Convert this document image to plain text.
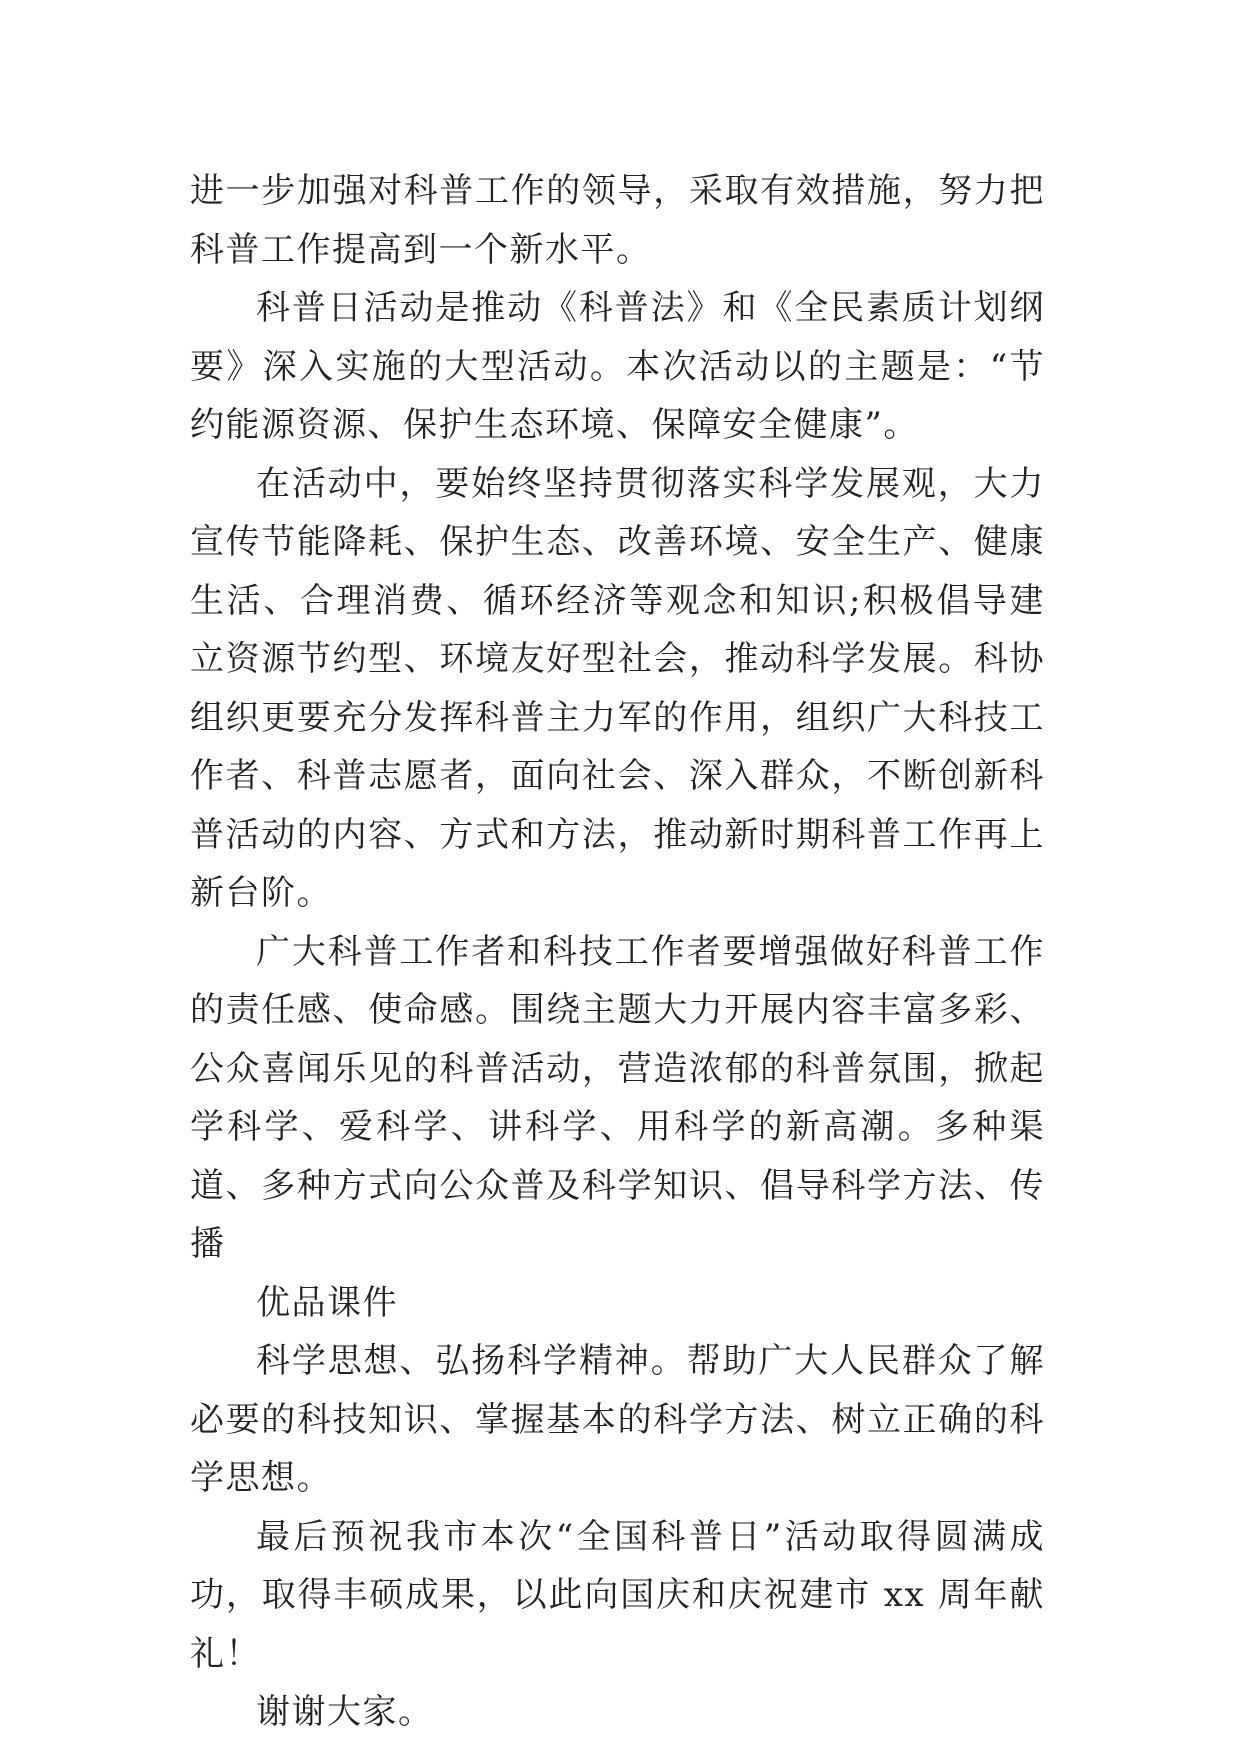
进一步加强对科普工作的领导，采取有效措施，努力把科普工作提高到一个新水平。

科普日活动是推动《科普法》和《全民素质计划纲要》深入实施的大型活动。本次活动以的主题是：“节约能源资源、保护生态环境、保障安全健康”。

在活动中，要始终坚持贯彻落实科学发展观，大力宣传节能降耗、保护生态、改善环境、安全生产、健康生活、合理消费、循环经济等观念和知识;积极倡导建立资源节约型、环境友好型社会，推动科学发展。科协组织更要充分发挥科普主力军的作用，组织广大科技工作者、科普志愿者，面向社会、深入群众，不断创新科普活动的内容、方式和方法，推动新时期科普工作再上新台阶。

广大科普工作者和科技工作者要增强做好科普工作的责任感、使命感。围绕主题大力开展内容丰富多彩、公众喜闻乐见的科普活动，营造浓郁的科普氛围，掀起学科学、爱科学、讲科学、用科学的新高潮。多种渠道、多种方式向公众普及科学知识、倡导科学方法、传播

优品课件

科学思想、弘扬科学精神。帮助广大人民群众了解必要的科技知识、掌握基本的科学方法、树立正确的科学思想。

最后预祝我市本次“全国科普日”活动取得圆满成功，取得丰硕成果，以此向国庆和庆祝建市 xx 周年献礼！

谢谢大家。
